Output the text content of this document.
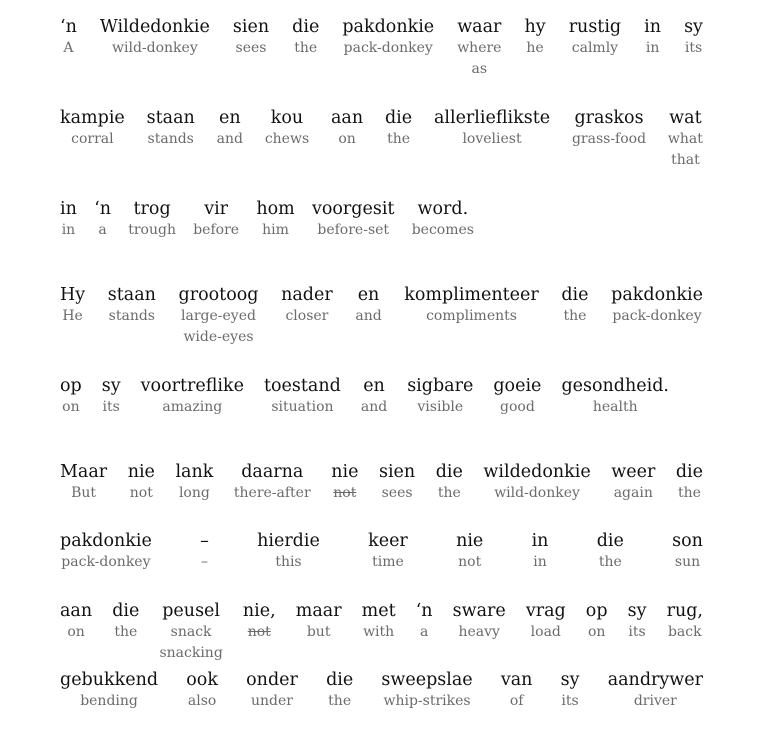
‘n
A
Wildedonkie
wild-donkey
sien
sees
die
the
pakdonkie
pack-donkey
waar
where
as
hy
he
rustig
calmly
in
in
sy
its
kampie
corral
staan
stands
en
and
kou
chews
aan
on
die
the
allerlieflikste
loveliest
graskos
grass-food
wat
what
that
in
in
‘n
a
trog
trough
vir
before
hom
him
voorgesit
before-set
word.
becomes
Hy
He
staan
stands
grootoog
large-eyed
wide-eyes
nader
closer
en
and
komplimenteer
compliments
die
the
pakdonkie
pack-donkey
op
on
sy
its
voortreflike
amazing
toestand
situation
en
and
sigbare
visible
goeie
good
gesondheid.
health
Maar
But
nie
not
lank
long
daarna
there-after
nie
not
sien
sees
die
the
wildedonkie
wild-donkey
weer
again
die
the
pakdonkie
pack-donkey
–
–
hierdie
this
keer
time
nie
not
in
in
die
the
son
sun
aan
on
die
the
peusel
snack
snacking
nie,
not
maar
but
met
with
‘n
a
sware
heavy
vrag
load
op
on
sy
its
rug,
back
gebukkend
bending
ook
also
onder
under
die
the
sweepslae
whip-strikes
van
of
sy
its
aandrywer
driver
